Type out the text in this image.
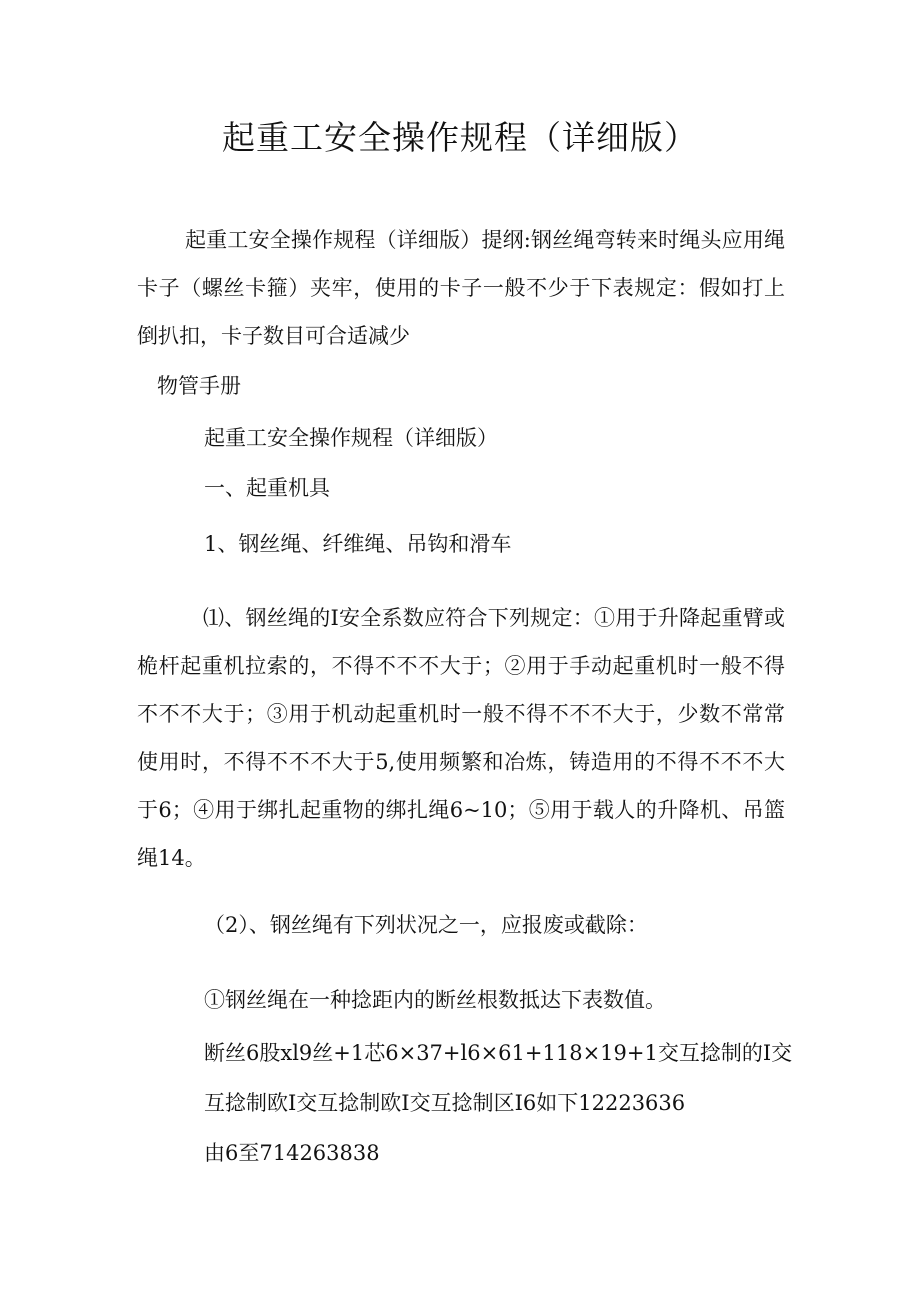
起重工安全操作规程（详细版）

起重工安全操作规程（详细版）提纲:钢丝绳弯转来时绳头应用绳卡子（螺丝卡箍）夹牢，使用的卡子一般不少于下表规定：假如打上倒扒扣，卡子数目可合适减少

物管手册

起重工安全操作规程（详细版）

一、起重机具

1、钢丝绳、纤维绳、吊钩和滑车

⑴、钢丝绳的I安全系数应符合下列规定：①用于升降起重臂或桅杆起重机拉索的，不得不不不大于；②用于手动起重机时一般不得不不不大于；③用于机动起重机时一般不得不不不大于，少数不常常使用时，不得不不不大于5,使用频繁和冶炼，铸造用的不得不不不大于6；④用于绑扎起重物的绑扎绳6~10；⑤用于载人的升降机、吊篮绳14。

（2）、钢丝绳有下列状况之一，应报废或截除：

①钢丝绳在一种捻距内的断丝根数抵达下表数值。

断丝6股xl9丝+1芯6×37+l6×61+118×19+1交互捻制的I交

互捻制欧I交互捻制欧I交互捻制区I6如下12223636

由6至714263838
